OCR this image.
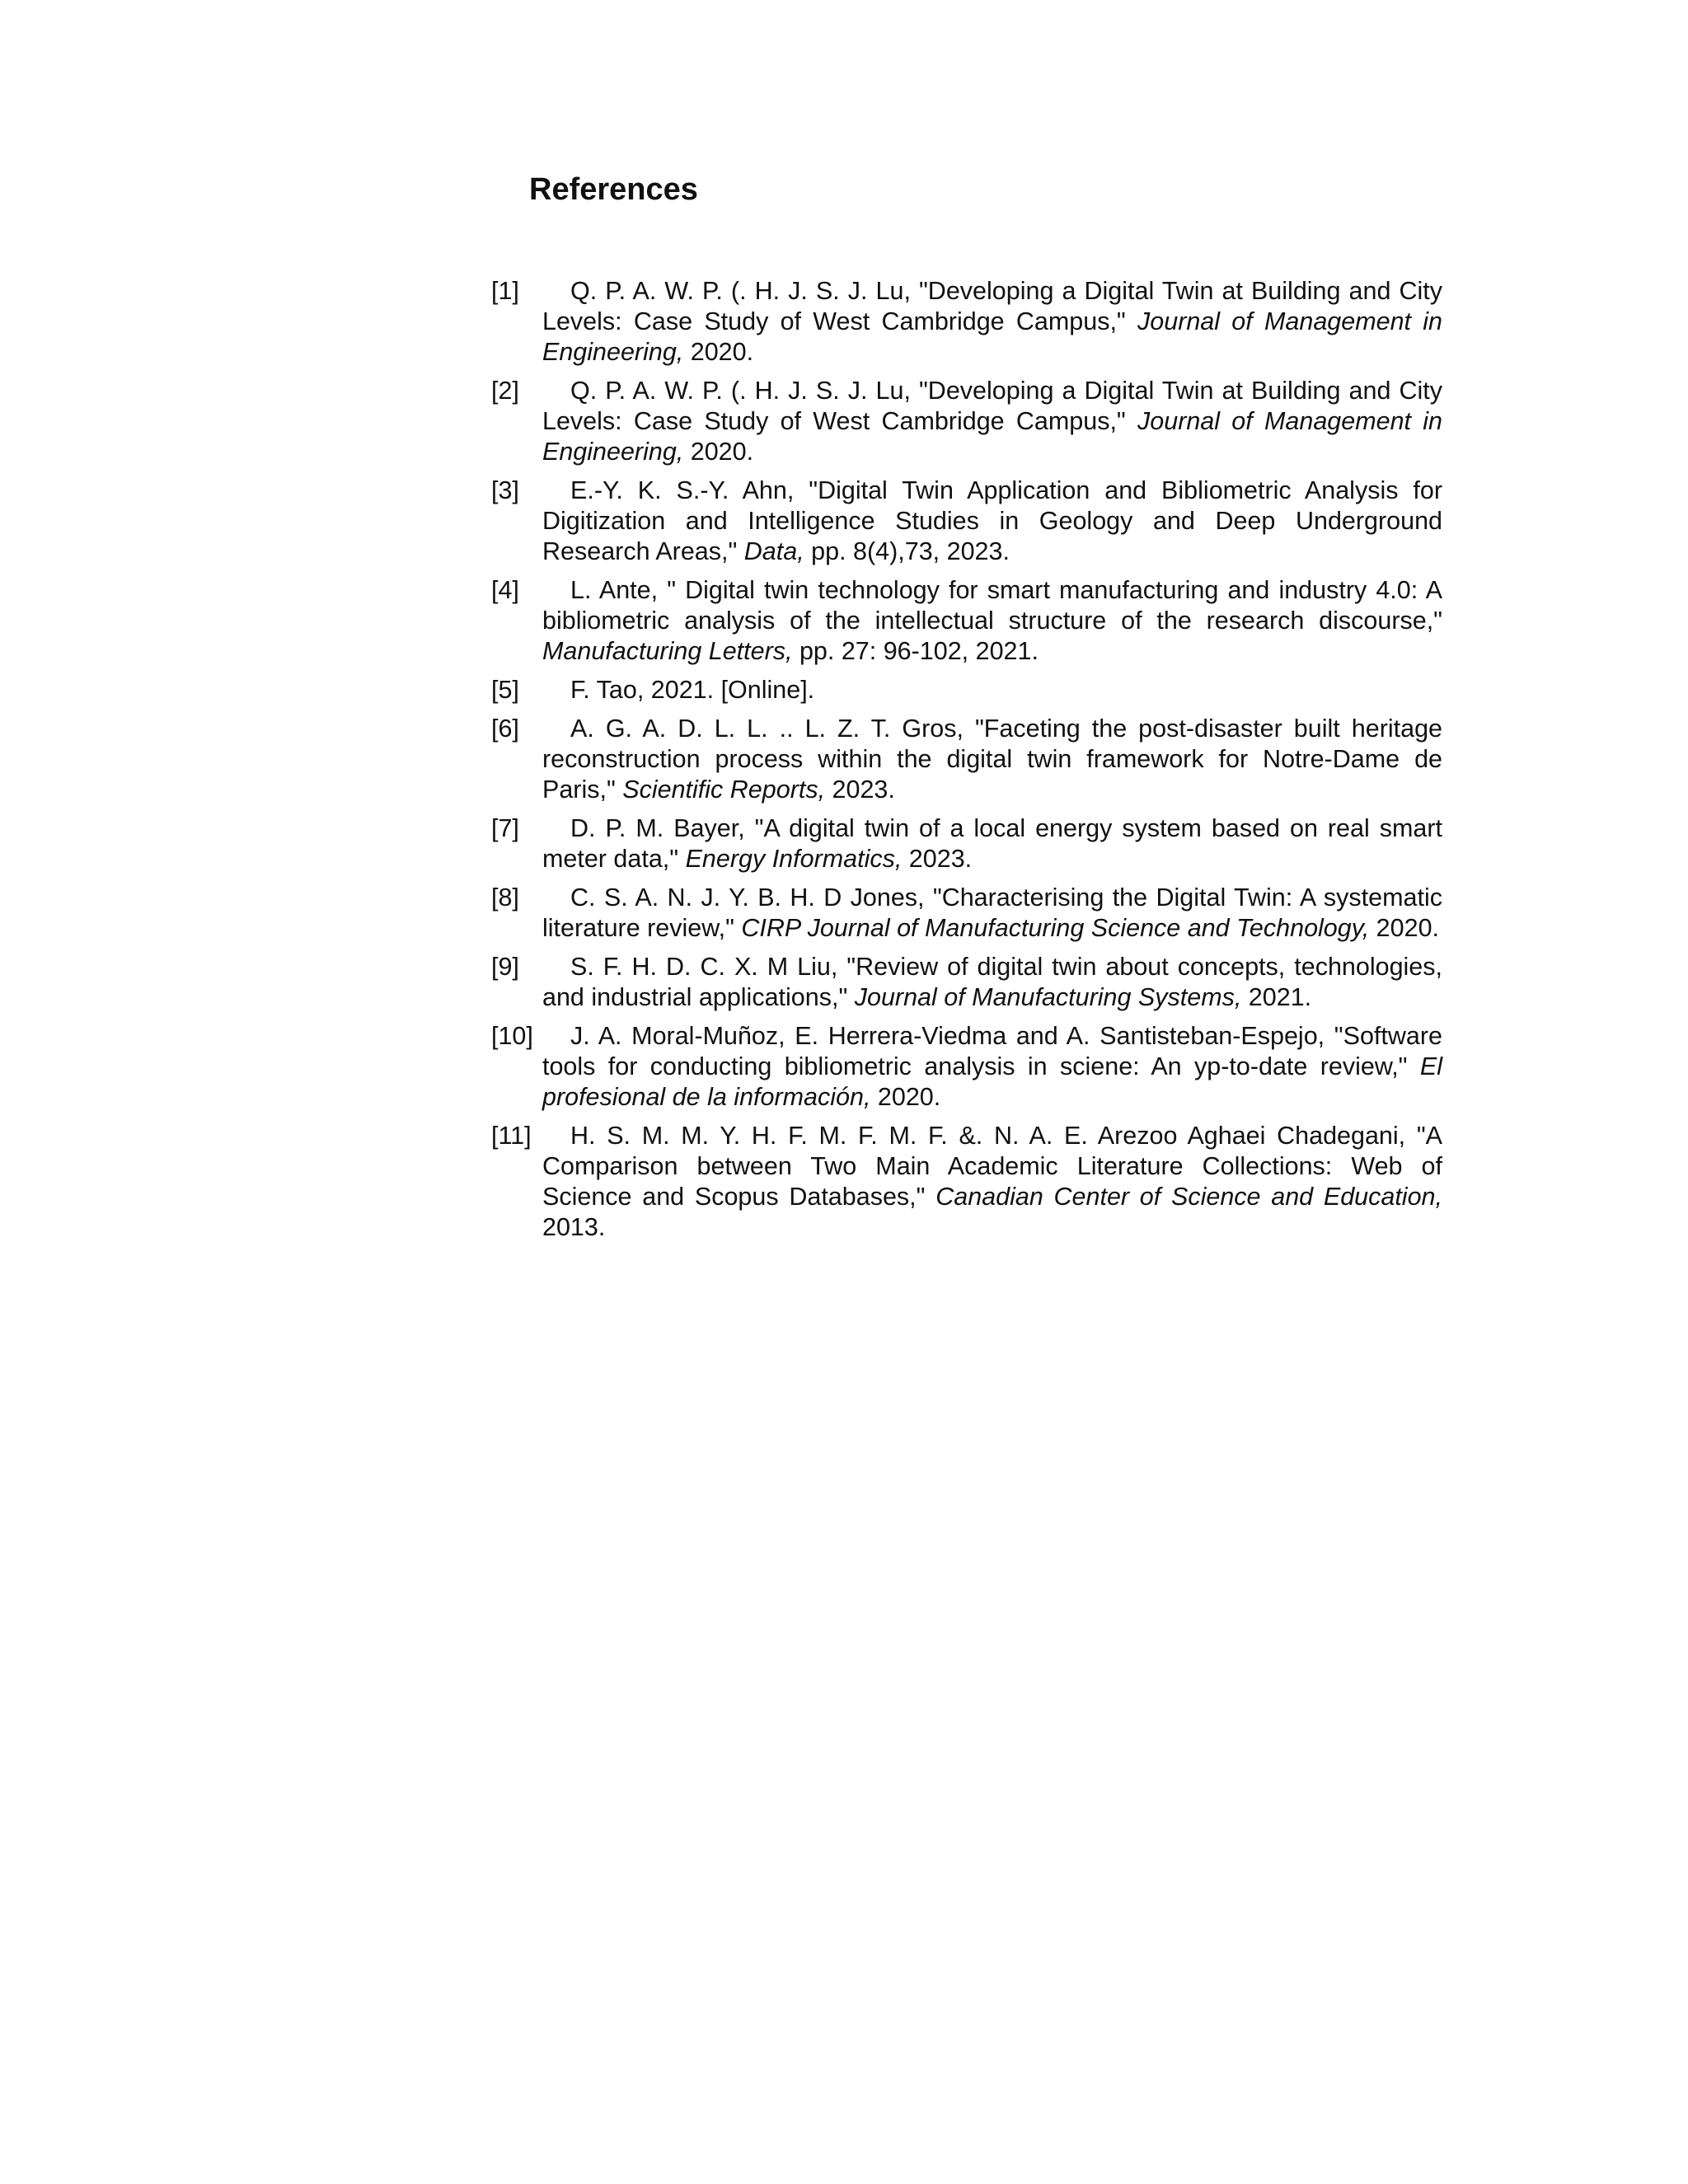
References
[1]	Q. P. A. W. P. (. H. J. S. J. Lu, "Developing a Digital Twin at Building and City Levels: Case Study of West Cambridge Campus," Journal of Management in Engineering, 2020.
[2]	Q. P. A. W. P. (. H. J. S. J. Lu, "Developing a Digital Twin at Building and City Levels: Case Study of West Cambridge Campus," Journal of Management in Engineering, 2020.
[3]	E.-Y. K. S.-Y. Ahn, "Digital Twin Application and Bibliometric Analysis for Digitization and Intelligence Studies in Geology and Deep Underground Research Areas," Data, pp. 8(4),73, 2023.
[4]	L. Ante, " Digital twin technology for smart manufacturing and industry 4.0: A bibliometric analysis of the intellectual structure of the research discourse," Manufacturing Letters, pp. 27: 96-102, 2021.
[5]	F. Tao, 2021. [Online].
[6]	A. G. A. D. L. L. .. L. Z. T. Gros, "Faceting the post-disaster built heritage reconstruction process within the digital twin framework for Notre-Dame de Paris," Scientific Reports, 2023.
[7]	D. P. M. Bayer, "A digital twin of a local energy system based on real smart meter data," Energy Informatics, 2023.
[8]	C. S. A. N. J. Y. B. H. D Jones, "Characterising the Digital Twin: A systematic literature review," CIRP Journal of Manufacturing Science and Technology, 2020.
[9]	S. F. H. D. C. X. M Liu, "Review of digital twin about concepts, technologies, and industrial applications," Journal of Manufacturing Systems, 2021.
[10]	J. A. Moral-Muñoz, E. Herrera-Viedma and A. Santisteban-Espejo, "Software tools for conducting bibliometric analysis in sciene: An yp-to-date review," El profesional de la información, 2020.
[11]	H. S. M. M. Y. H. F. M. F. M. F. &. N. A. E. Arezoo Aghaei Chadegani, "A Comparison between Two Main Academic Literature Collections: Web of Science and Scopus Databases," Canadian Center of Science and Education, 2013.
